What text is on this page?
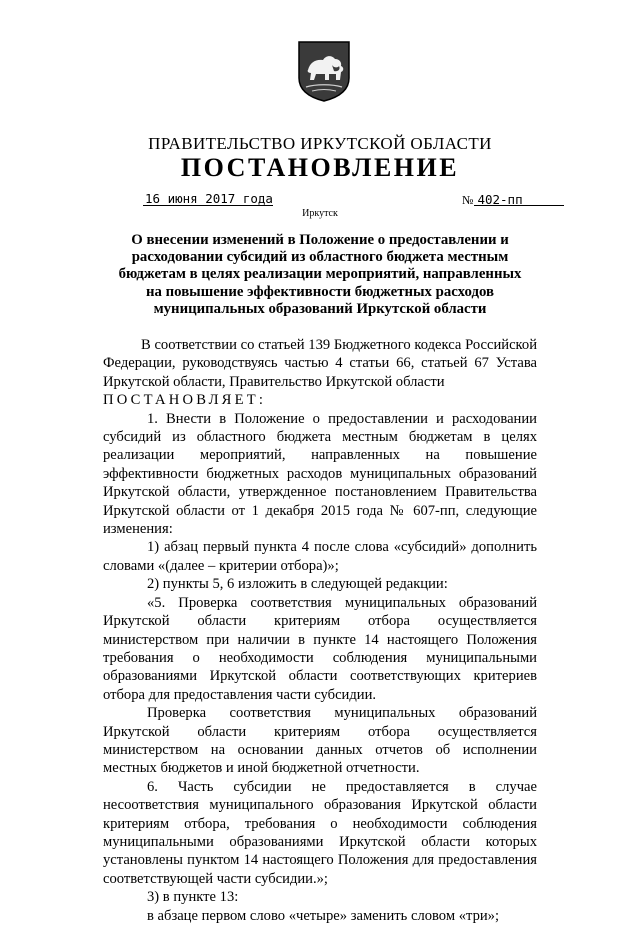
ПРАВИТЕЛЬСТВО ИРКУТСКОЙ ОБЛАСТИ
ПОСТАНОВЛЕНИЕ
16 июня 2017 года	№ 402-пп
Иркутск
О внесении изменений в Положение о предоставлении и расходовании субсидий из областного бюджета местным бюджетам в целях реализации мероприятий, направленных на повышение эффективности бюджетных расходов муниципальных образований Иркутской области

В соответствии со статьей 139 Бюджетного кодекса Российской Федерации, руководствуясь частью 4 статьи 66, статьей 67 Устава Иркутской области, Правительство Иркутской области

ПОСТАНОВЛЯЕТ:

1. Внести в Положение о предоставлении и расходовании субсидий из областного бюджета местным бюджетам в целях реализации мероприятий, направленных на повышение эффективности бюджетных расходов муниципальных образований Иркутской области, утвержденное постановлением Правительства Иркутской области от 1 декабря 2015 года № 607-пп, следующие изменения:

1) абзац первый пункта 4 после слова «субсидий» дополнить словами «(далее – критерии отбора)»;

2) пункты 5, 6 изложить в следующей редакции:

«5. Проверка соответствия муниципальных образований Иркутской области критериям отбора осуществляется министерством при наличии в пункте 14 настоящего Положения требования о необходимости соблюдения муниципальными образованиями Иркутской области соответствующих критериев отбора для предоставления части субсидии.

Проверка соответствия муниципальных образований Иркутской области критериям отбора осуществляется министерством на основании данных отчетов об исполнении местных бюджетов и иной бюджетной отчетности.

6. Часть субсидии не предоставляется в случае несоответствия муниципального образования Иркутской области критериям отбора, требования о необходимости соблюдения муниципальными образованиями Иркутской области которых установлены пунктом 14 настоящего Положения для предоставления соответствующей части субсидии.»;

3) в пункте 13:

в абзаце первом слово «четыре» заменить словом «три»;
